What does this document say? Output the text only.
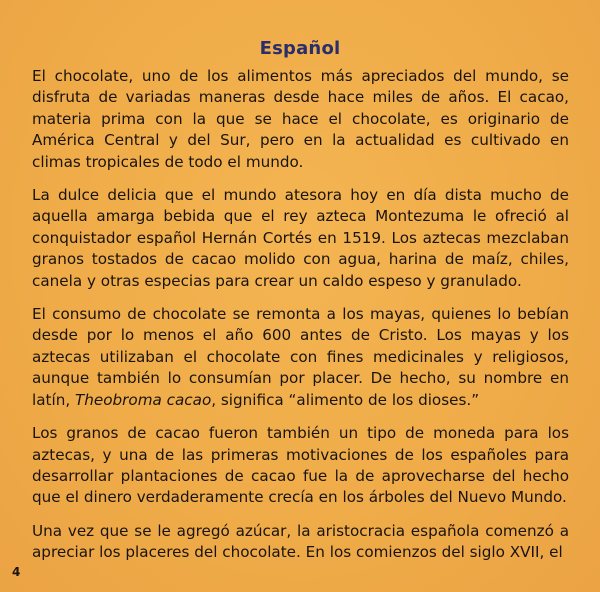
Español

El chocolate, uno de los alimentos más apreciados del mundo, se disfruta de variadas maneras desde hace miles de años. El cacao, materia prima con la que se hace el chocolate, es originario de América Central y del Sur, pero en la actualidad es cultivado en climas tropicales de todo el mundo.

La dulce delicia que el mundo atesora hoy en día dista mucho de aquella amarga bebida que el rey azteca Montezuma le ofreció al conquistador español Hernán Cortés en 1519. Los aztecas mezclaban granos tostados de cacao molido con agua, harina de maíz, chiles, canela y otras especias para crear un caldo espeso y granulado.

El consumo de chocolate se remonta a los mayas, quienes lo bebían desde por lo menos el año 600 antes de Cristo. Los mayas y los aztecas utilizaban el chocolate con fines medicinales y religiosos, aunque también lo consumían por placer. De hecho, su nombre en latín, Theobroma cacao, significa “alimento de los dioses.”

Los granos de cacao fueron también un tipo de moneda para los aztecas, y una de las primeras motivaciones de los españoles para desarrollar plantaciones de cacao fue la de aprovecharse del hecho que el dinero verdaderamente crecía en los árboles del Nuevo Mundo.

Una vez que se le agregó azúcar, la aristocracia española comenzó a apreciar los placeres del chocolate. En los comienzos del siglo XVII, el

4
